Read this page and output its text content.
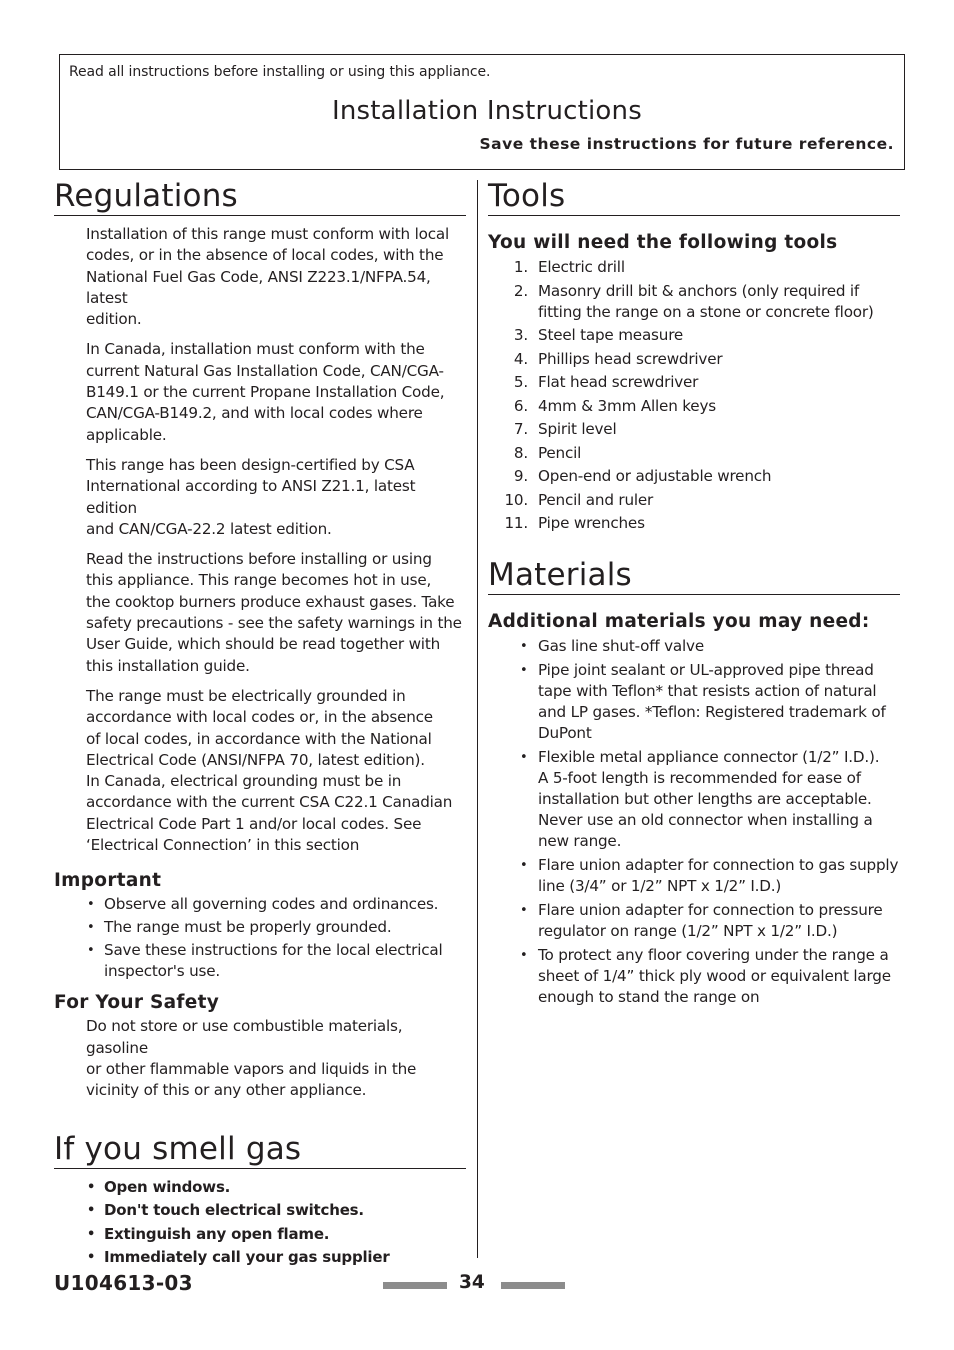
Read all instructions before installing or using this appliance.
Installation Instructions
Save these instructions for future reference.
Regulations
Installation of this range must conform with local
codes, or in the absence of local codes, with the
National Fuel Gas Code, ANSI Z223.1/NFPA.54, latest
edition.
In Canada, installation must conform with the
current Natural Gas Installation Code, CAN/CGA-
B149.1 or the current Propane Installation Code,
CAN/CGA-B149.2, and with local codes where
applicable.
This range has been design-certified by CSA
International according to ANSI Z21.1, latest edition
and CAN/CGA-22.2 latest edition.
Read the instructions before installing or using
this appliance. This range becomes hot in use,
the cooktop burners produce exhaust gases. Take
safety precautions - see the safety warnings in the
User Guide, which should be read together with
this installation guide.
The range must be electrically grounded in
accordance with local codes or, in the absence
of local codes, in accordance with the National
Electrical Code (ANSI/NFPA 70, latest edition).
In Canada, electrical grounding must be in
accordance with the current CSA C22.1 Canadian
Electrical Code Part 1 and/or local codes. See
‘Electrical Connection’ in this section
Important
• Observe all governing codes and ordinances.
• The range must be properly grounded.
• Save these instructions for the local electrical
inspector's use.
For Your Safety
Do not store or use combustible materials, gasoline
or other flammable vapors and liquids in the
vicinity of this or any other appliance.
If you smell gas
• Open windows.
• Don't touch electrical switches.
• Extinguish any open flame.
• Immediately call your gas supplier
Tools
You will need the following tools
1. Electric drill
2. Masonry drill bit & anchors (only required if
fitting the range on a stone or concrete floor)
3. Steel tape measure
4. Phillips head screwdriver
5. Flat head screwdriver
6. 4mm & 3mm Allen keys
7. Spirit level
8. Pencil
9. Open-end or adjustable wrench
10. Pencil and ruler
11. Pipe wrenches
Materials
Additional materials you may need:
• Gas line shut-off valve
• Pipe joint sealant or UL-approved pipe thread
tape with Teflon* that resists action of natural
and LP gases. *Teflon: Registered trademark of
DuPont
• Flexible metal appliance connector (1/2” I.D.).
A 5-foot length is recommended for ease of
installation but other lengths are acceptable.
Never use an old connector when installing a
new range.
• Flare union adapter for connection to gas supply
line (3/4” or 1/2” NPT x 1/2” I.D.)
• Flare union adapter for connection to pressure
regulator on range (1/2” NPT x 1/2” I.D.)
• To protect any floor covering under the range a
sheet of 1/4” thick ply wood or equivalent large
enough to stand the range on
U104613-03	34
